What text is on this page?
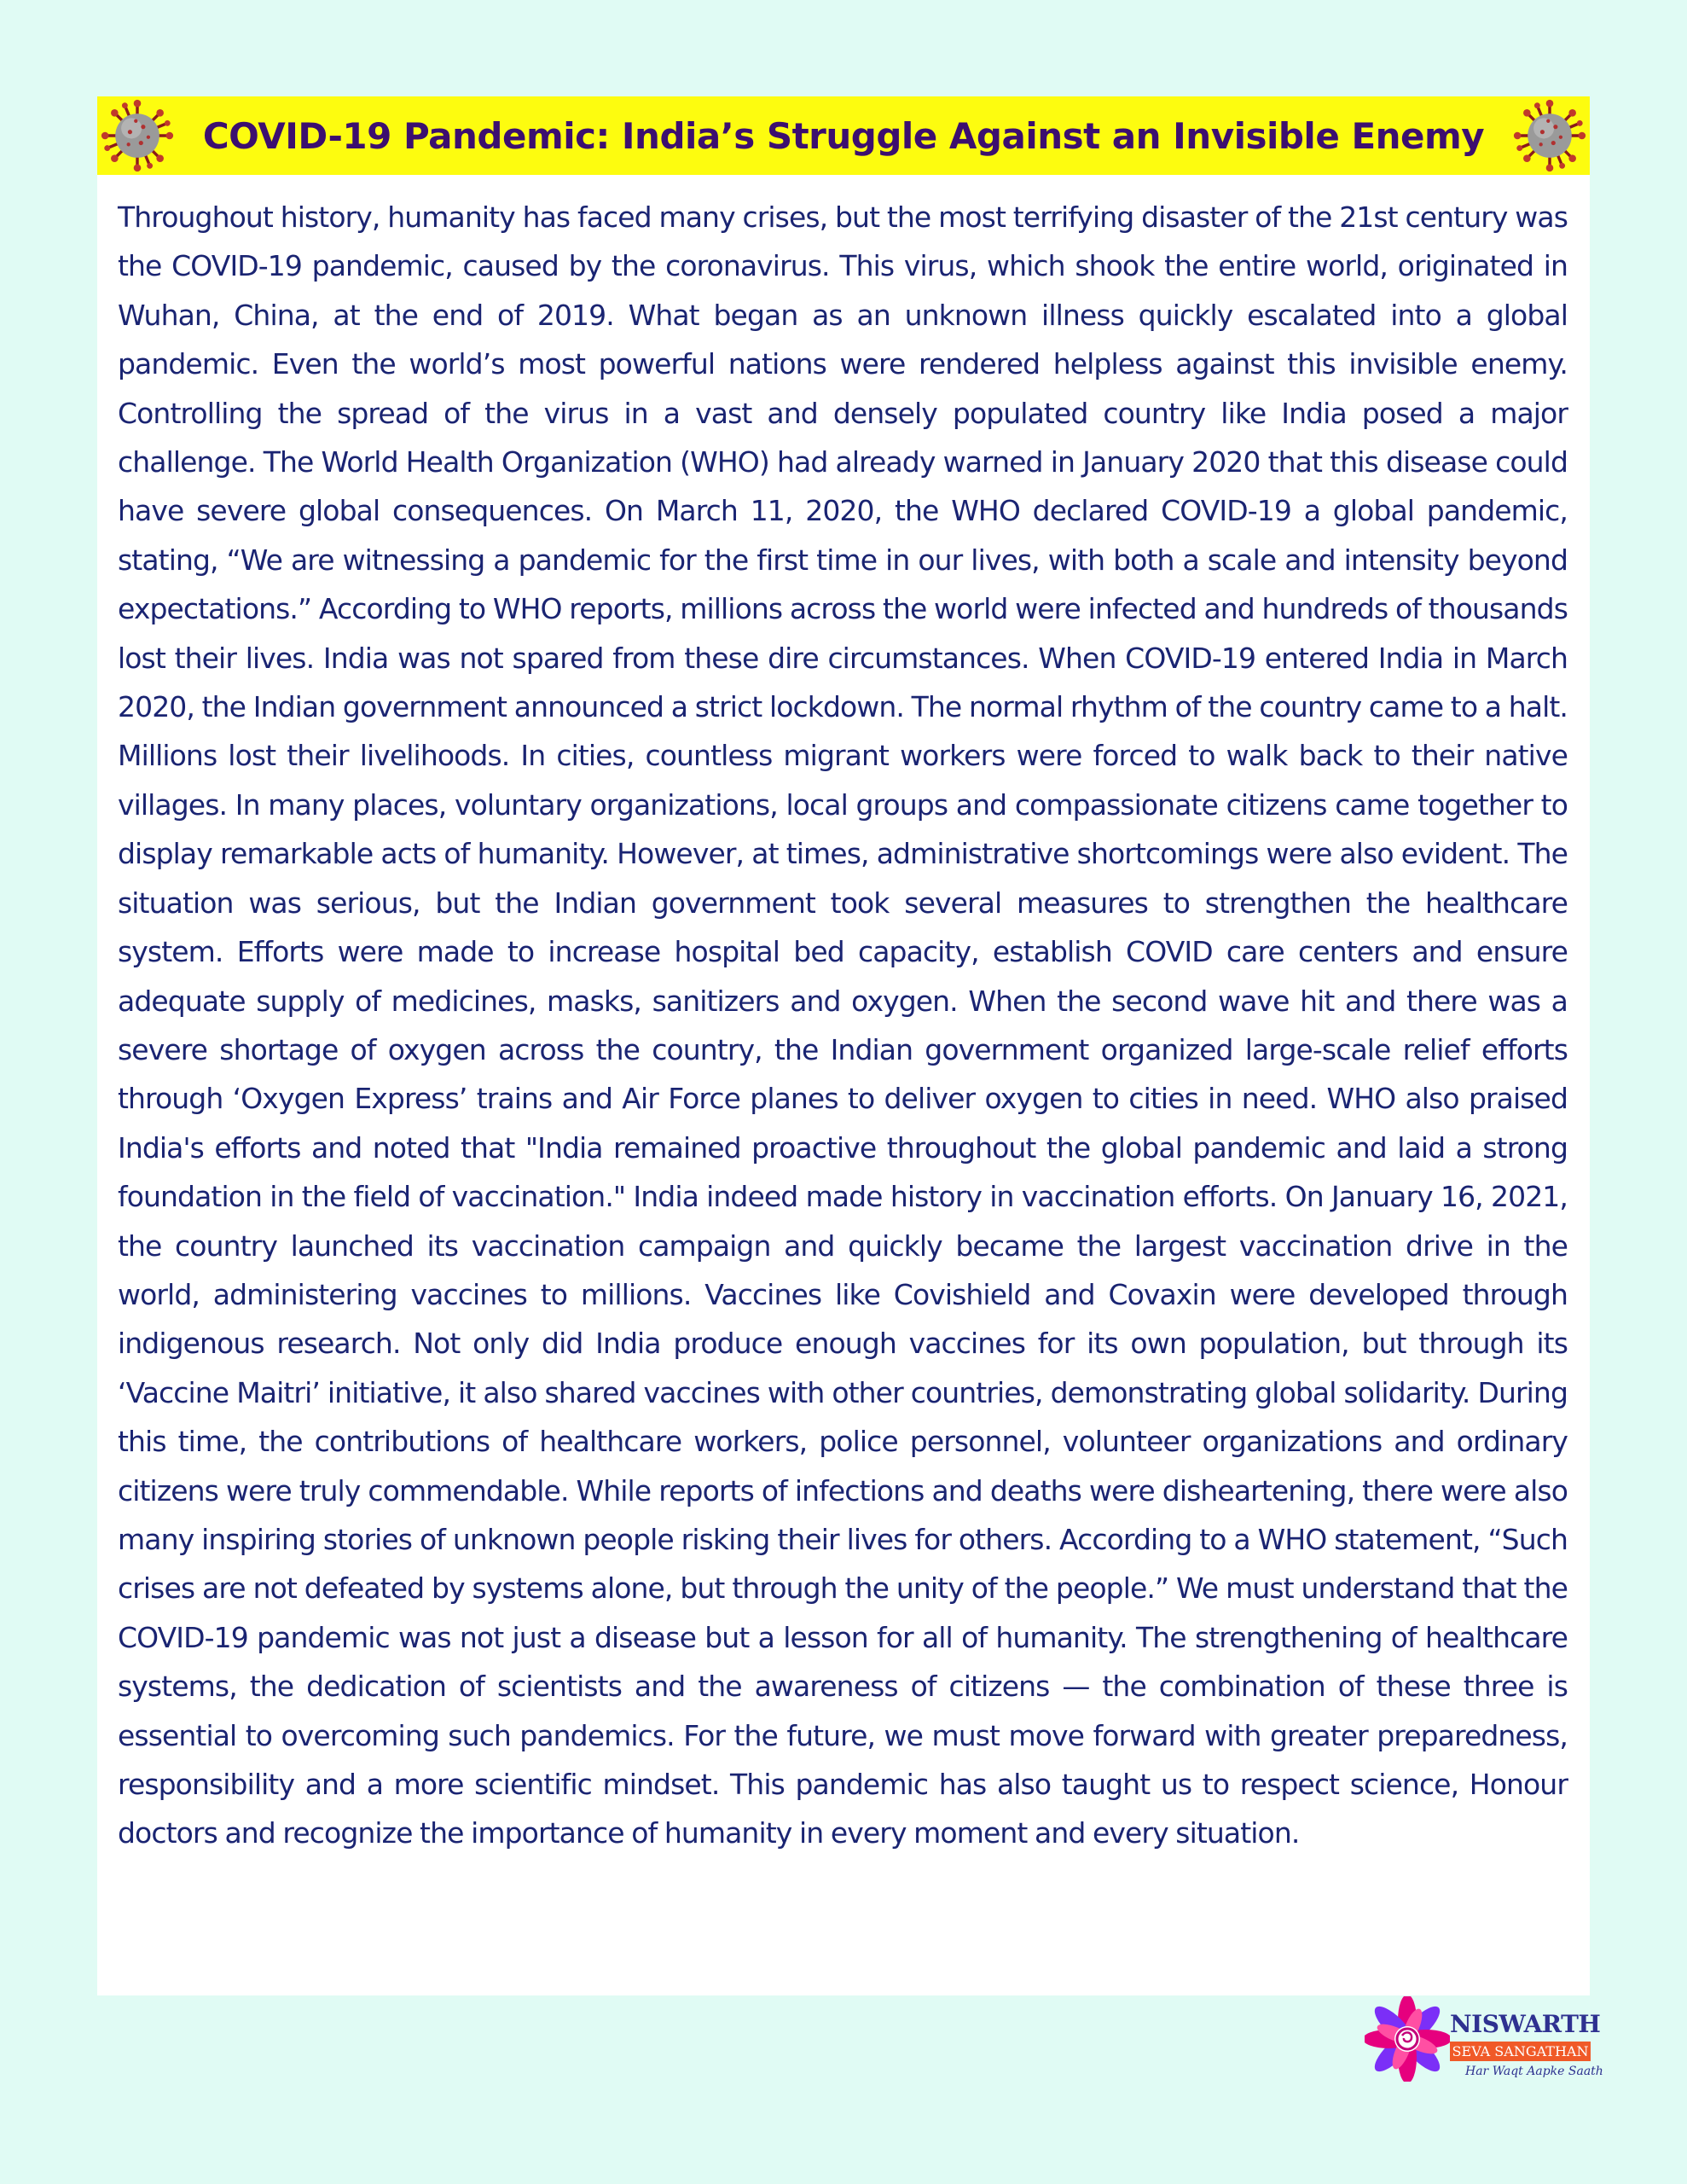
COVID-19 Pandemic: India’s Struggle Against an Invisible Enemy

Throughout history, humanity has faced many crises, but the most terrifying disaster of the 21st century was the COVID-19 pandemic, caused by the coronavirus. This virus, which shook the entire world, originated in Wuhan, China, at the end of 2019. What began as an unknown illness quickly escalated into a global pandemic. Even the world’s most powerful nations were rendered helpless against this invisible enemy. Controlling the spread of the virus in a vast and densely populated country like India posed a major challenge. The World Health Organization (WHO) had already warned in January 2020 that this disease could have severe global consequences. On March 11, 2020, the WHO declared COVID-19 a global pandemic, stating, “We are witnessing a pandemic for the first time in our lives, with both a scale and intensity beyond expectations.” According to WHO reports, millions across the world were infected and hundreds of thousands lost their lives. India was not spared from these dire circumstances. When COVID-19 entered India in March 2020, the Indian government announced a strict lockdown. The normal rhythm of the country came to a halt. Millions lost their livelihoods. In cities, countless migrant workers were forced to walk back to their native villages. In many places, voluntary organizations, local groups and compassionate citizens came together to display remarkable acts of humanity. However, at times, administrative shortcomings were also evident. The situation was serious, but the Indian government took several measures to strengthen the healthcare system. Efforts were made to increase hospital bed capacity, establish COVID care centers and ensure adequate supply of medicines, masks, sanitizers and oxygen. When the second wave hit and there was a severe shortage of oxygen across the country, the Indian government organized large-scale relief efforts through ‘Oxygen Express’ trains and Air Force planes to deliver oxygen to cities in need. WHO also praised India's efforts and noted that "India remained proactive throughout the global pandemic and laid a strong foundation in the field of vaccination." India indeed made history in vaccination efforts. On January 16, 2021, the country launched its vaccination campaign and quickly became the largest vaccination drive in the world, administering vaccines to millions. Vaccines like Covishield and Covaxin were developed through indigenous research. Not only did India produce enough vaccines for its own population, but through its ‘Vaccine Maitri’ initiative, it also shared vaccines with other countries, demonstrating global solidarity. During this time, the contributions of healthcare workers, police personnel, volunteer organizations and ordinary citizens were truly commendable. While reports of infections and deaths were disheartening, there were also many inspiring stories of unknown people risking their lives for others. According to a WHO statement, “Such crises are not defeated by systems alone, but through the unity of the people.” We must understand that the COVID-19 pandemic was not just a disease but a lesson for all of humanity. The strengthening of healthcare systems, the dedication of scientists and the awareness of citizens — the combination of these three is essential to overcoming such pandemics. For the future, we must move forward with greater preparedness, responsibility and a more scientific mindset. This pandemic has also taught us to respect science, Honour doctors and recognize the importance of humanity in every moment and every situation.

NISWARTH
SEVA SANGATHAN
Har Waqt Aapke Saath
